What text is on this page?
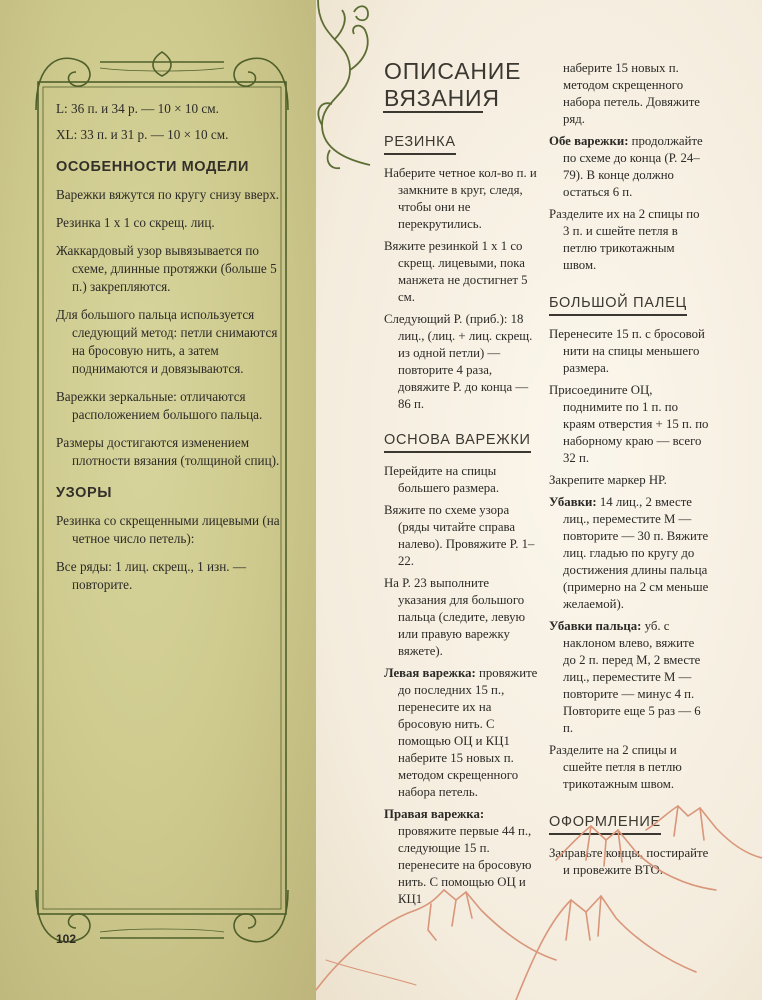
L: 36 п. и 34 р. — 10 × 10 см.

XL: 33 п. и 31 р. — 10 × 10 см.

ОСОБЕННОСТИ МОДЕЛИ

Варежки вяжутся по кругу снизу вверх.

Резинка 1 х 1 со скрещ. лиц.

Жаккардовый узор вывязывается по схеме, длинные протяжки (больше 5 п.) закрепляются.

Для большого пальца используется следующий метод: петли снимаются на бросовую нить, а затем поднимаются и довязываются.

Варежки зеркальные: отличаются расположением большого пальца.

Размеры достигаются изменением плотности вязания (толщиной спиц).

УЗОРЫ

Резинка со скрещенными лицевыми (на четное число петель):

Все ряды: 1 лиц. скрещ., 1 изн. — повторите.

102
ОПИСАНИЕ
ВЯЗАНИЯ
РЕЗИНКА

Наберите четное кол-во п. и замкните в круг, следя, чтобы они не перекрутились.

Вяжите резинкой 1 х 1 со скрещ. лицевыми, пока манжета не достигнет 5 см.

Следующий Р. (приб.): 18 лиц., (лиц. + лиц. скрещ. из одной петли) — повторите 4 раза, довяжите Р. до конца — 86 п.

ОСНОВА ВАРЕЖКИ

Перейдите на спицы большего размера.

Вяжите по схеме узора (ряды читайте справа налево). Провяжите Р. 1–22.

На Р. 23 выполните указания для большого пальца (следите, левую или правую варежку вяжете).

Левая варежка: провяжите до последних 15 п., перенесите их на бросовую нить. С помощью ОЦ и КЦ1 наберите 15 новых п. методом скрещенного набора петель.

Правая варежка: провяжите первые 44 п., следующие 15 п. перенесите на бросовую нить. С помощью ОЦ и КЦ1

наберите 15 новых п. методом скрещенного набора петель. Довяжите ряд.

Обе варежки: продолжайте по схеме до конца (Р. 24–79). В конце должно остаться 6 п.

Разделите их на 2 спицы по 3 п. и сшейте петля в петлю трикотажным швом.

БОЛЬШОЙ ПАЛЕЦ

Перенесите 15 п. с бросовой нити на спицы меньшего размера.

Присоедините ОЦ, поднимите по 1 п. по краям отверстия + 15 п. по наборному краю — всего 32 п.

Закрепите маркер НР.

Убавки: 14 лиц., 2 вместе лиц., переместите М — повторите — 30 п. Вяжите лиц. гладью по кругу до достижения длины пальца (примерно на 2 см меньше желаемой).

Убавки пальца: уб. с наклоном влево, вяжите до 2 п. перед М, 2 вместе лиц., переместите М — повторите — минус 4 п. Повторите еще 5 раз — 6 п.

Разделите на 2 спицы и сшейте петля в петлю трикотажным швом.

ОФОРМЛЕНИЕ

Заправьте концы, постирайте и провежите ВТО.
